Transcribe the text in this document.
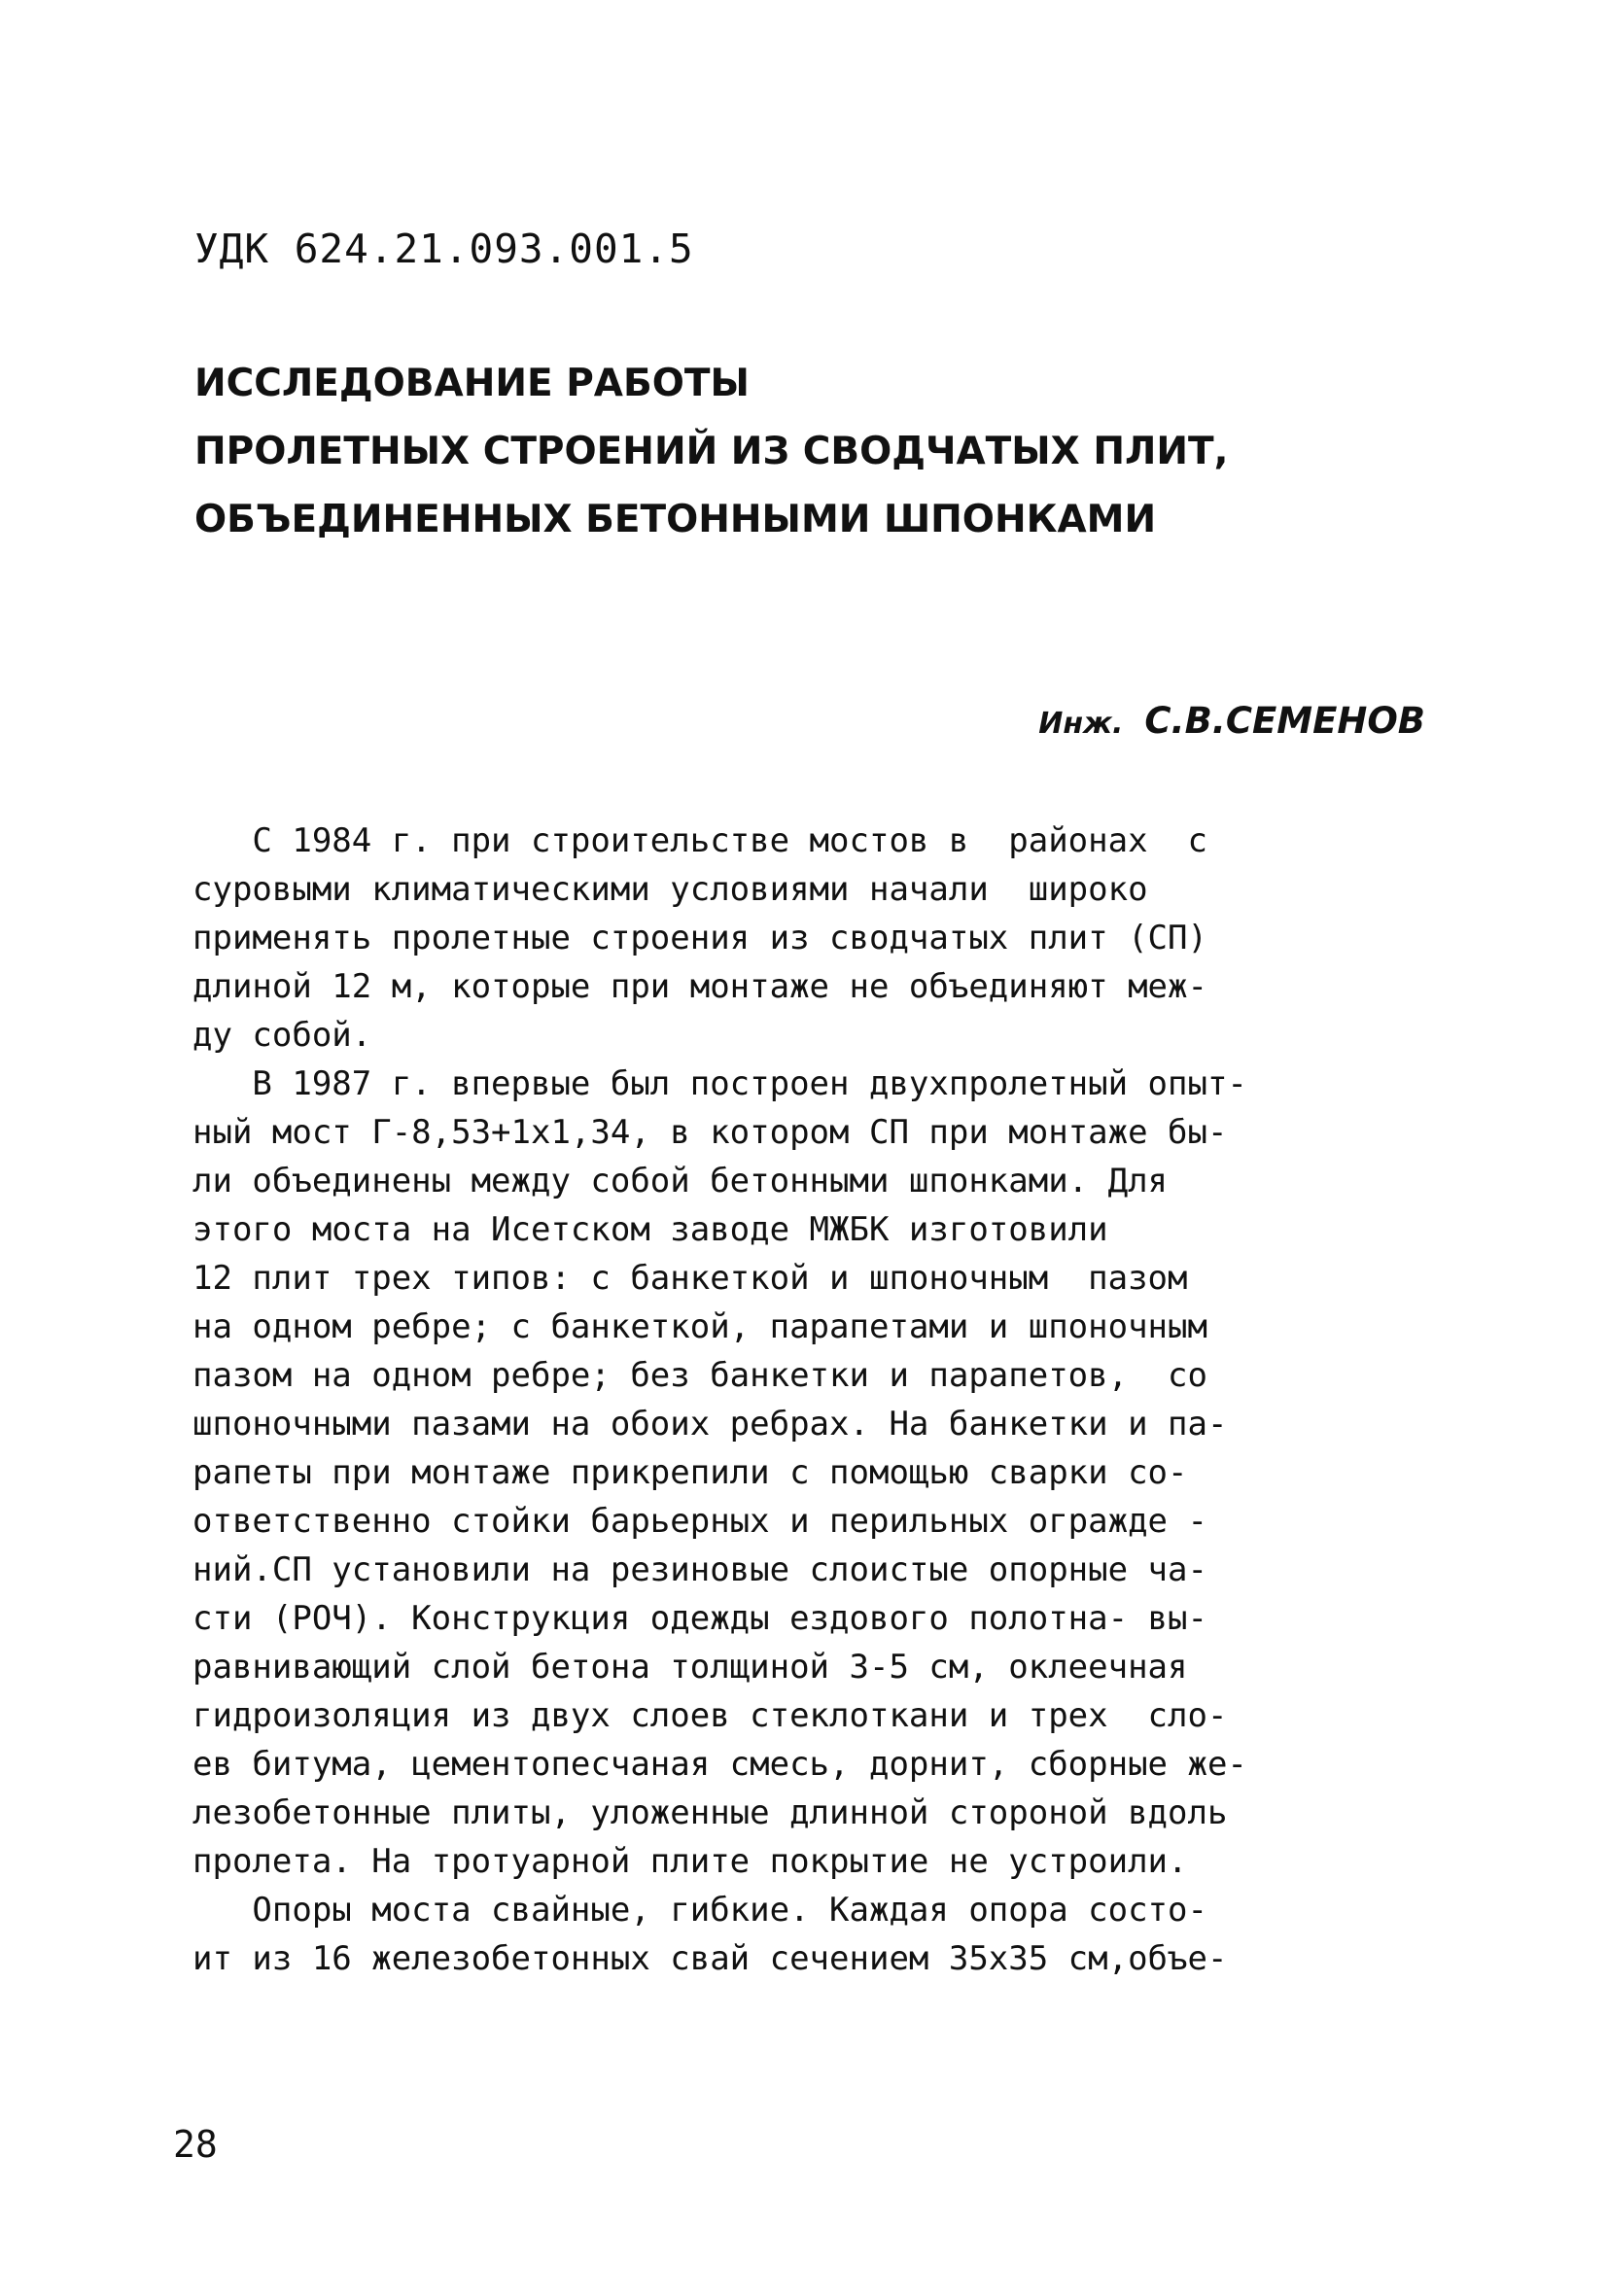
УДК 624.21.093.001.5
ИССЛЕДОВАНИЕ РАБОТЫ
ПРОЛЕТНЫХ СТРОЕНИЙ ИЗ СВОДЧАТЫХ ПЛИТ,
ОБЪЕДИНЕННЫХ БЕТОННЫМИ ШПОНКАМИ
Инж. С.В.СЕМЕНОВ
С 1984 г. при строительстве мостов в  районах  с
суровыми климатическими условиями начали  широко
применять пролетные строения из сводчатых плит (СП)
длиной 12 м, которые при монтаже не объединяют меж-
ду собой.
В 1987 г. впервые был построен двухпролетный опыт-
ный мост Г-8,53+1х1,34, в котором СП при монтаже бы-
ли объединены между собой бетонными шпонками. Для
этого моста на Исетском заводе МЖБК изготовили
12 плит трех типов: с банкеткой и шпоночным  пазом
на одном ребре; с банкеткой, парапетами и шпоночным
пазом на одном ребре; без банкетки и парапетов,  со
шпоночными пазами на обоих ребрах. На банкетки и па-
рапеты при монтаже прикрепили с помощью сварки со-
ответственно стойки барьерных и перильных огражде -
ний.СП установили на резиновые слоистые опорные ча-
сти (РОЧ). Конструкция одежды ездового полотна- вы-
равнивающий слой бетона толщиной 3-5 см, оклеечная
гидроизоляция из двух слоев стеклоткани и трех  сло-
ев битума, цементопесчаная смесь, дорнит, сборные же-
лезобетонные плиты, уложенные длинной стороной вдоль
пролета. На тротуарной плите покрытие не устроили.
Опоры моста свайные, гибкие. Каждая опора состо-
ит из 16 железобетонных свай сечением 35х35 см,объе-
28
